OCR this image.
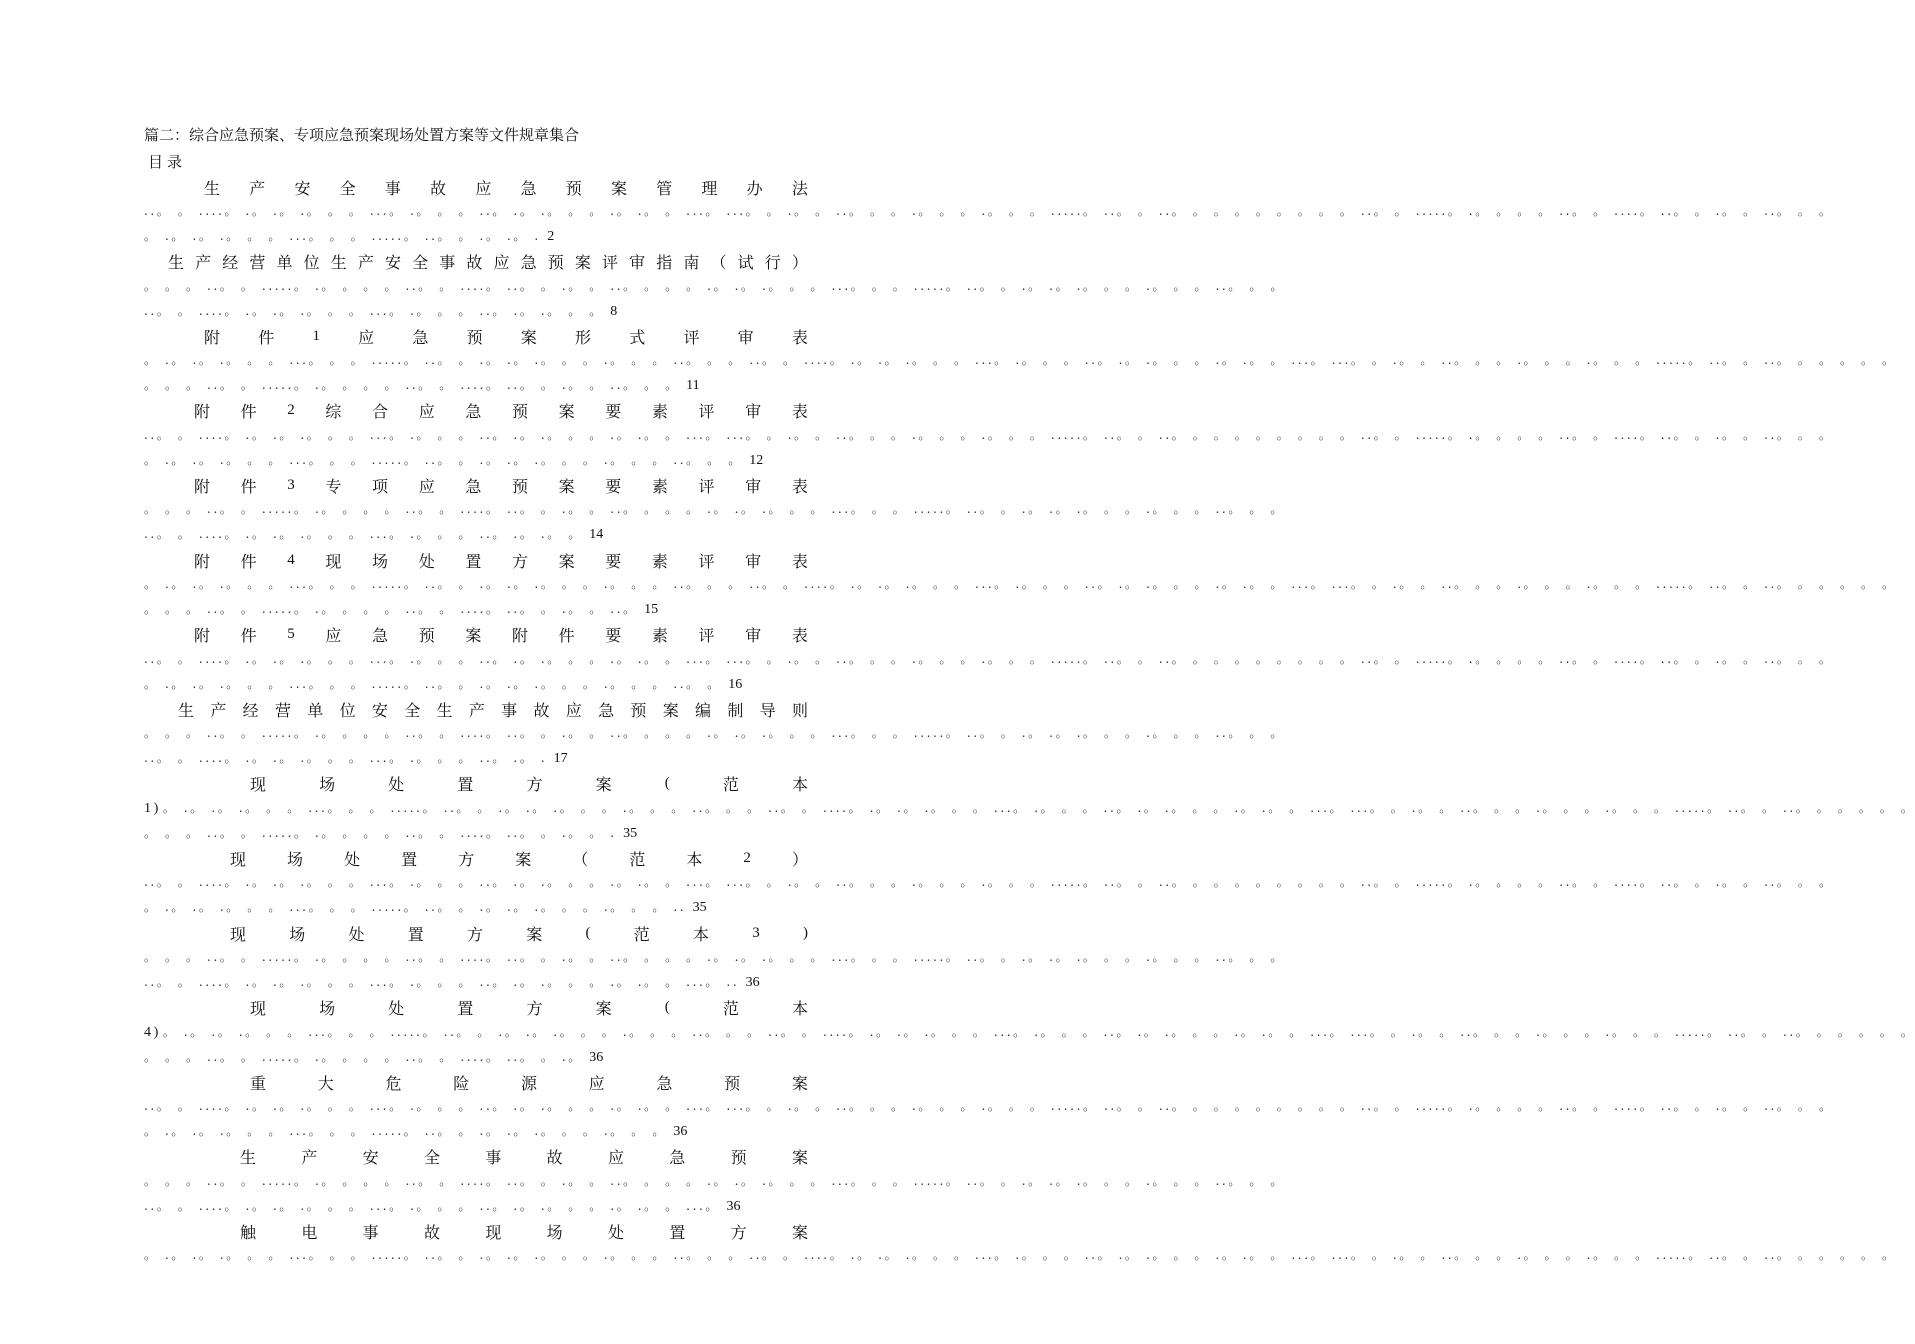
篇二：综合应急预案、专项应急预案现场处置方案等文件规章集合
目录
生 产 安 全 事 故 应 急 预 案 管 理 办 法
..。 。 ....。 .。 .。 .。 。 。 ...。 .。 。 。 ..。 .。 .。 。 。 .。 .。 。 ...。 ...。 。 .。 。 ..。 。 。 .。 。 。 .。 。 。 .....。 ..。 。 ..。 。 。 。 。 。 。 。 。 ..。 。 .....。 .。 。 。 。 ..。 。 ....。 ..。 。 .。 。 ..。 。 。
。 .。 .。 .。 。 。 ...。 。 。 .....。 ..。 。 .。 .。 . 2
生 产 经 营 单 位 生 产 安 全 事 故 应 急 预 案 评 审 指 南 （ 试 行 ）
。 。 。 ..。 。 .....。 .。 。 。 。 ..。 。 ....。 ..。 。 .。 。 ..。 。 。 。 .。 .。 .。 。 。 ...。 。 。 .....。 ..。 。 .。 .。 .。 。 。 .。 。 。 ..。 。 。
..。 。 ....。 .。 .。 .。 。 。 ...。 .。 。 。 ..。 .。 .。 。 。 8
附 件	1 应 急 预 案 形 式 评 审 表
。 .。 .。 .。 。 。 ...。 。 。 .....。 ..。 。 .。 .。 .。 。 。 .。 。 。 ..。 。 。 ..。 。 ....。 .。 .。 .。 。 。 ...。 .。 。 。 ..。 .。 .。 。 。 .。 .。 。 ...。 ...。 。 .。 。 ..。 。 。 .。 。 。 .。 。 。 .....。 ..。 。 ..。 。 。 。 。 。
。 。 。 ..。 。 .....。 .。 。 。 。 ..。 。 ....。 ..。 。 .。 。 ..。 。 。 11
附 件 2 综 合 应 急 预 案 要 素 评 审 表
..。 。 ....。 .。 .。 .。 。 。 ...。 .。 。 。 ..。 .。 .。 。 。 .。 .。 。 ...。 ...。 。 .。 。 ..。 。 。 .。 。 。 .。 。 。 .....。 ..。 。 ..。 。 。 。 。 。 。 。 。 ..。 。 .....。 .。 。 。 。 ..。 。 ....。 ..。 。 .。 。 ..。 。 。
。 .。 .。 .。 。 。 ...。 。 。 .....。 ..。 。 .。 .。 .。 。 。 .。 。 。 ..。 。 。 12
附 件 3 专 项 应 急 预 案 要 素 评 审 表
。 。 。 ..。 。 .....。 .。 。 。 。 ..。 。 ....。 ..。 。 .。 。 ..。 。 。 。 .。 .。 .。 。 。 ...。 。 。 .....。 ..。 。 .。 .。 .。 。 。 .。 。 。 ..。 。 。
..。 。 ....。 .。 .。 .。 。 。 ...。 .。 。 。 ..。 .。 .。 。 14
附 件 4 现 场 处 置 方 案 要 素 评 审 表
。 .。 .。 .。 。 。 ...。 。 。 .....。 ..。 。 .。 .。 .。 。 。 .。 。 。 ..。 。 。 ..。 。 ....。 .。 .。 .。 。 。 ...。 .。 。 。 ..。 .。 .。 。 。 .。 .。 。 ...。 ...。 。 .。 。 ..。 。 。 .。 。 。 .。 。 。 .....。 ..。 。 ..。 。 。 。 。 。
。 。 。 ..。 。 .....。 .。 。 。 。 ..。 。 ....。 ..。 。 .。 。 ..。 15
附 件 5 应 急 预 案 附 件 要 素 评 审 表
..。 。 ....。 .。 .。 .。 。 。 ...。 .。 。 。 ..。 .。 .。 。 。 .。 .。 。 ...。 ...。 。 .。 。 ..。 。 。 .。 。 。 .。 。 。 .....。 ..。 。 ..。 。 。 。 。 。 。 。 。 ..。 。 .....。 .。 。 。 。 ..。 。 ....。 ..。 。 .。 。 ..。 。 。
。 .。 .。 .。 。 。 ...。 。 。 .....。 ..。 。 .。 .。 .。 。 。 .。 。 。 ..。 。 16
生 产 经 营 单 位 安 全 生 产 事 故 应 急 预 案 编 制 导 则
。 。 。 ..。 。 .....。 .。 。 。 。 ..。 。 ....。 ..。 。 .。 。 ..。 。 。 。 .。 .。 .。 。 。 ...。 。 。 .....。 ..。 。 .。 .。 .。 。 。 .。 。 。 ..。 。 。
..。 。 ....。 .。 .。 .。 。 。 ...。 .。 。 。 ..。 .。 . 17
现	场	处	置	方	案	(	范	本
1) 。 .。 .。 .。 。 。 ...。 。 。 .....。 ..。 。 .。 .。 .。 。 。 .。 。 。 ..。 。 。 ..。 。 ....。 .。 .。 .。 。 。 ...。 .。 。 。 ..。 .。 .。 。 。 .。 .。 。 ...。 ...。 。 .。 。 ..。 。 。 .。 。 。 .。 。 。 .....。 ..。 。 ..。 。 。 。 。 。
。 。 。 ..。 。 .....。 .。 。 。 。 ..。 。 ....。 ..。 。 .。 。 . 35
现	场	处	置	方	案	（	范	本	2	）
..。 。 ....。 .。 .。 .。 。 。 ...。 .。 。 。 ..。 .。 .。 。 。 .。 .。 。 ...。 ...。 。 .。 。 ..。 。 。 .。 。 。 .。 。 。 .....。 ..。 。 ..。 。 。 。 。 。 。 。 。 ..。 。 .....。 .。 。 。 。 ..。 。 ....。 ..。 。 .。 。 ..。 。 。
。 .。 .。 .。 。 。 ...。 。 。 .....。 ..。 。 .。 .。 .。 。 。 .。 。 。 .. 35
现	场	处	置	方	案	(	范	本	3	)
。 。 。 ..。 。 .....。 .。 。 。 。 ..。 。 ....。 ..。 。 .。 。 ..。 。 。 。 .。 .。 .。 。 。 ...。 。 。 .....。 ..。 。 .。 .。 .。 。 。 .。 。 。 ..。 。 。
..。 。 ....。 .。 .。 .。 。 。 ...。 .。 。 。 ..。 .。 .。 。 。 .。 .。 。 ...。 .. 36
现	场	处	置	方	案	(	范	本
4) 。 .。 .。 .。 。 。 ...。 。 。 .....。 ..。 。 .。 .。 .。 。 。 .。 。 。 ..。 。 。 ..。 。 ....。 .。 .。 .。 。 。 ...。 .。 。 。 ..。 .。 .。 。 。 .。 .。 。 ...。 ...。 。 .。 。 ..。 。 。 .。 。 。 .。 。 。 .....。 ..。 。 ..。 。 。 。 。 。
。 。 。 ..。 。 .....。 .。 。 。 。 ..。 。 ....。 ..。 。 .。 36
重	大	危	险	源	应	急	预	案
..。 。 ....。 .。 .。 .。 。 。 ...。 .。 。 。 ..。 .。 .。 。 。 .。 .。 。 ...。 ...。 。 .。 。 ..。 。 。 .。 。 。 .。 。 。 .....。 ..。 。 ..。 。 。 。 。 。 。 。 。 ..。 。 .....。 .。 。 。 。 ..。 。 ....。 ..。 。 .。 。 ..。 。 。
。 .。 .。 .。 。 。 ...。 。 。 .....。 ..。 。 .。 .。 .。 。 。 .。 。 。 36
生	产	安	全	事	故	应	急	预	案
。 。 。 ..。 。 .....。 .。 。 。 。 ..。 。 ....。 ..。 。 .。 。 ..。 。 。 。 .。 .。 .。 。 。 ...。 。 。 .....。 ..。 。 .。 .。 .。 。 。 .。 。 。 ..。 。 。
..。 。 ....。 .。 .。 .。 。 。 ...。 .。 。 。 ..。 .。 .。 。 。 .。 .。 。 ...。 36
触	电	事	故	现	场	处	置	方	案
。 .。 .。 .。 。 。 ...。 。 。 .....。 ..。 。 .。 .。 .。 。 。 .。 。 。 ..。 。 。 ..。 。 ....。 .。 .。 .。 。 。 ...。 .。 。 。 ..。 .。 .。 。 。 .。 .。 。 ...。 ...。 。 .。 。 ..。 。 。 .。 。 。 .。 。 。 .....。 ..。 。 ..。 。 。 。 。 。
